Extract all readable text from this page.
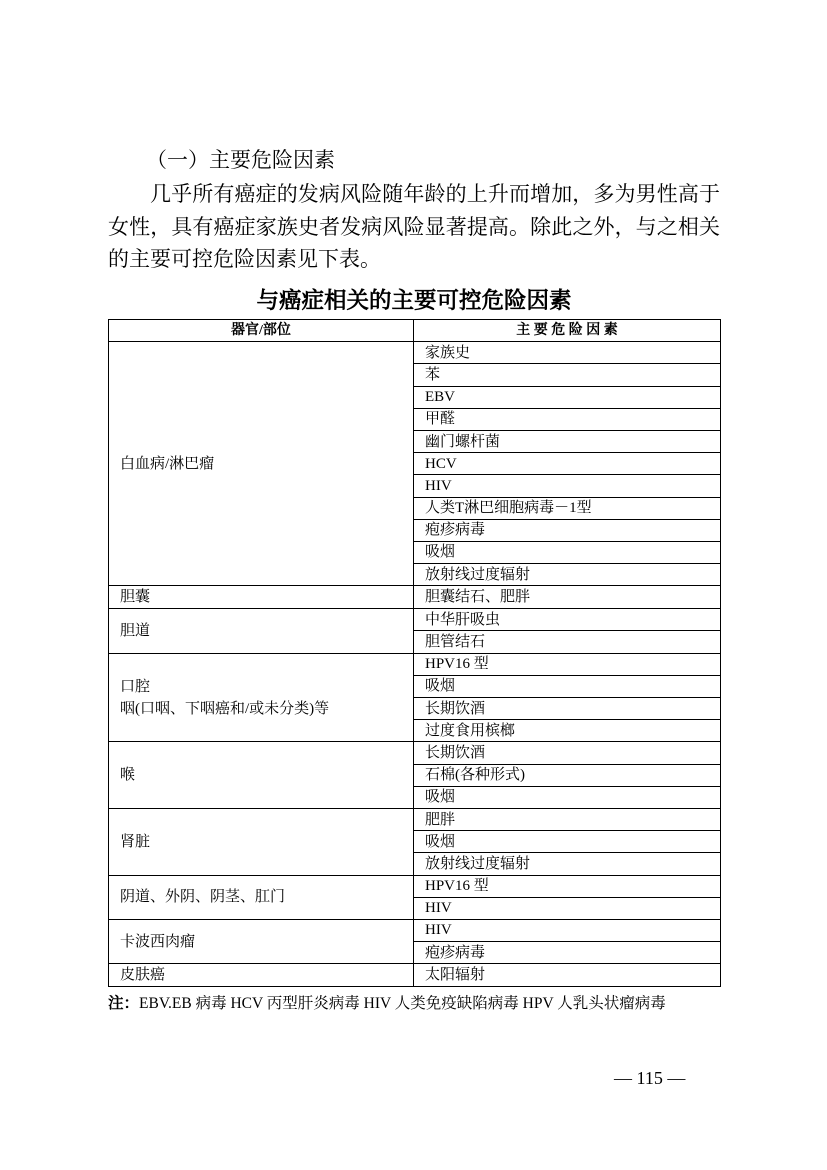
（一）主要危险因素

几乎所有癌症的发病风险随年龄的上升而增加，多为男性高于女性，具有癌症家族史者发病风险显著提高。除此之外，与之相关的主要可控危险因素见下表。

与癌症相关的主要可控危险因素
器官/部位	主 要 危 险 因 素

白血病/淋巴瘤	家族史
	苯
	EBV
	甲醛
	幽门螺杆菌
	HCV
	HIV
	人类T淋巴细胞病毒－1型
	疱疹病毒
	吸烟
	放射线过度辐射

胆囊	胆囊结石、肥胖

胆道	中华肝吸虫
	胆管结石

口腔
咽(口咽、下咽癌和/或未分类)等	HPV16 型
	吸烟
	长期饮酒
	过度食用槟榔

喉	长期饮酒
	石棉(各种形式)
	吸烟

肾脏	肥胖
	吸烟
	放射线过度辐射

阴道、外阴、阴茎、肛门	HPV16 型
	HIV

卡波西肉瘤	HIV
	疱疹病毒

皮肤癌	太阳辐射

注：EBV.EB 病毒 HCV 丙型肝炎病毒 HIV 人类免疫缺陷病毒 HPV 人乳头状瘤病毒

— 115 —
